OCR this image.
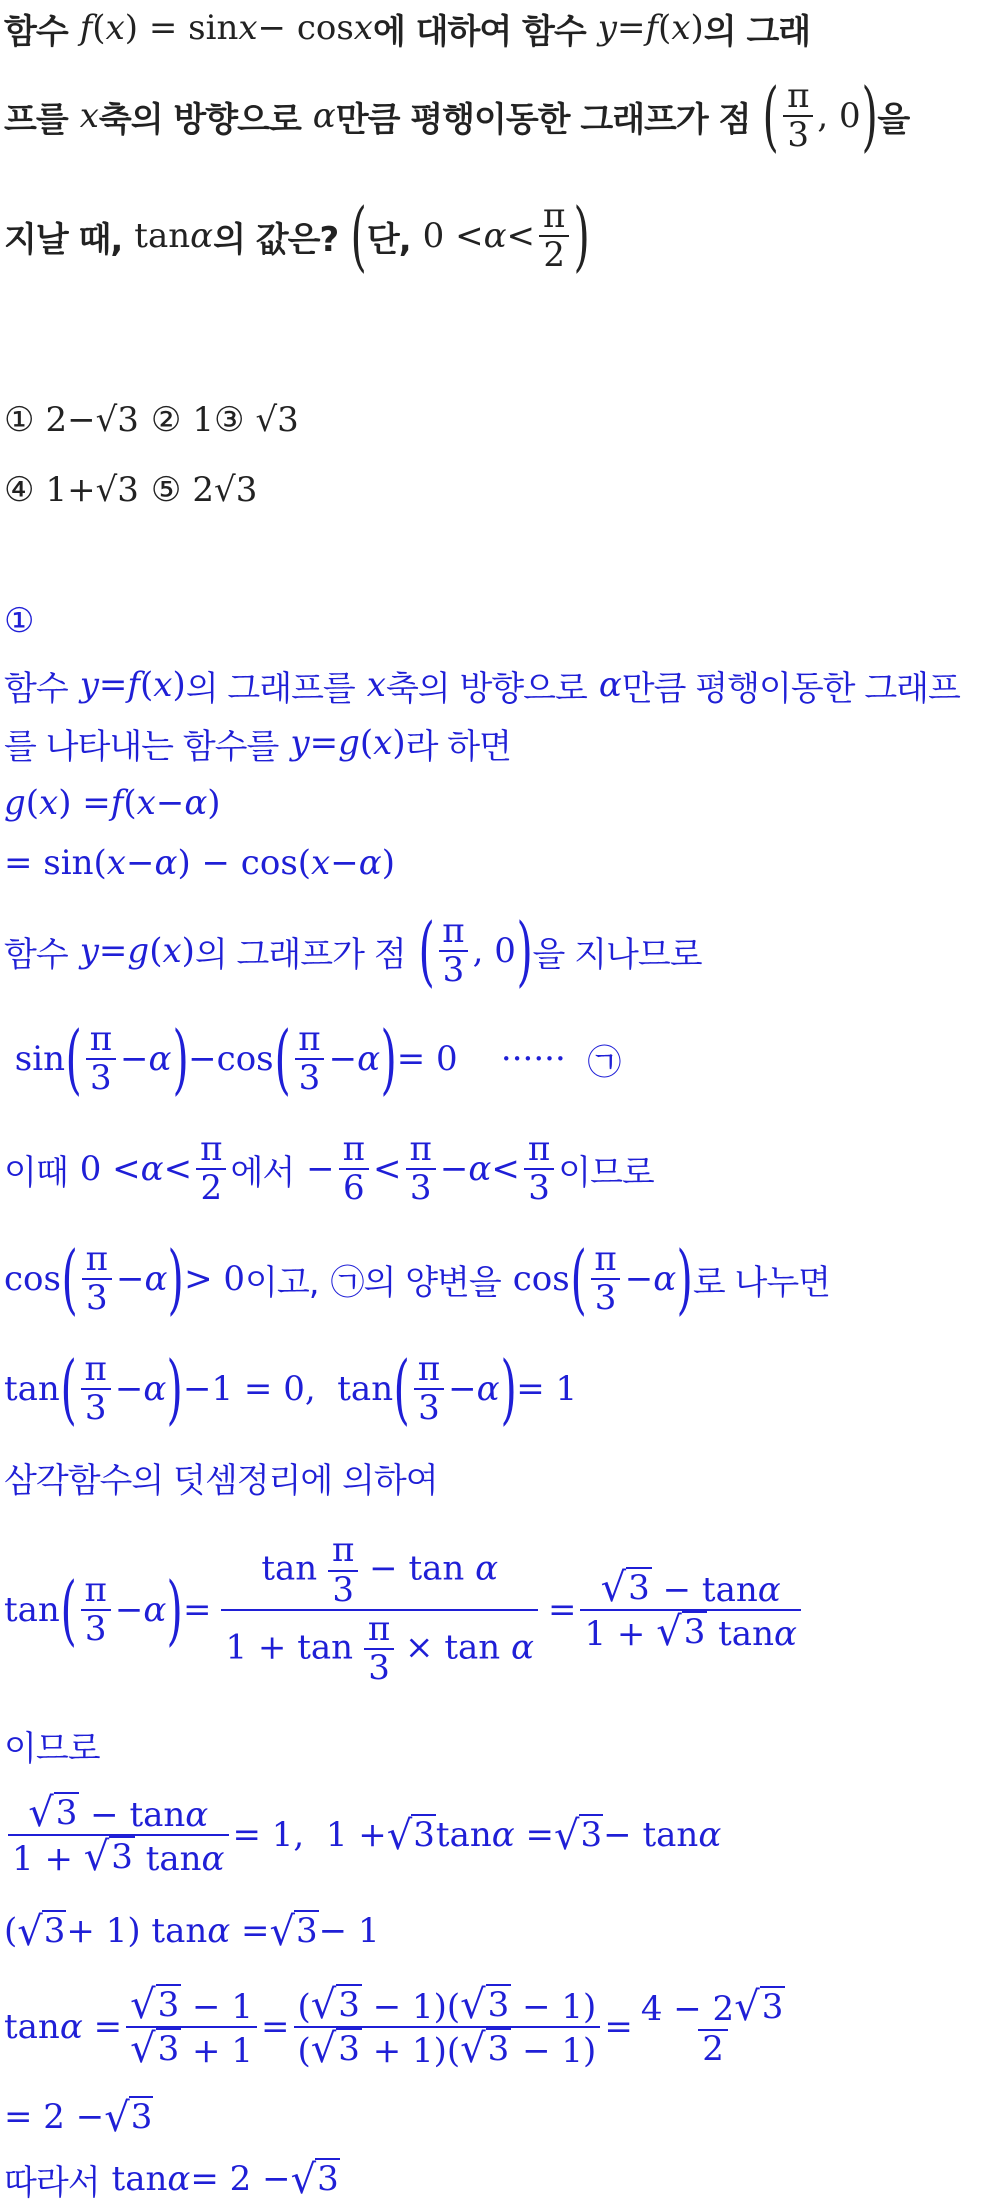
함수 f ( x ) = sin x − cos x 에 대하여 함수 y = f ( x ) 의 그래
프를 x 축의 방향으로 α 만큼 평행이동한 그래프가 점 ( $\frac{\pi}{3}$ , 0 ) 을
지날 때, tan α 의 값은? ( 단, $0 < \alpha < \frac{\pi}{2}$ )
① 2−√3 ② 1 ③ √3
④ 1+√3 ⑤ 2√3
①
함수 y = f ( x ) 의 그래프를 x 축의 방향으로 α 만큼 평행이동한 그래프
를 나타내는 함수를 y = g ( x ) 라 하면
g ( x ) = f ( x − α )
= sin( x − α ) − cos( x − α )
함수 y = g ( x ) 의 그래프가 점 ( $\frac{\pi}{3}$ , 0 ) 을 지나므로
sin ( $\frac{\pi}{3} - \alpha$ ) −cos ( $\frac{\pi}{3} - \alpha$ ) = 0    ······ ㉠
이때 $0 < \alpha < \frac{\pi}{2}$ 에서 − $\frac{\pi}{6} < \frac{\pi}{3} - \alpha < \frac{\pi}{3}$ 이므로
cos ( $\frac{\pi}{3} - \alpha$ ) > 0 이고, ㉠ 의 양변을 cos ( $\frac{\pi}{3} - \alpha$ ) 로 나누면
tan ( $\frac{\pi}{3} - \alpha$ ) −1 = 0,  tan ( $\frac{\pi}{3} - \alpha$ ) = 1
삼각함수의 덧셈정리에 의하여
tan ( $\frac{\pi}{3} - \alpha$ ) = $\frac{\tan \frac{\pi}{3} - \tan \alpha}{1 + \tan \frac{\pi}{3} \times \tan \alpha} = \frac{√ 3 - \tan\alpha}{1 + √ 3 \tan\alpha}$
이므로
$\frac{√ 3 - \tan\alpha}{1 + √ 3 \tan\alpha} = 1$,  1 + √ 3 tan α = √ 3 − tan α
( √ 3 + 1) tan α = √ 3 − 1
$\tan \alpha = \frac{√ 3 - 1}{√ 3 + 1} = \frac{( √ 3 - 1)( √ 3 - 1)}{( √ 3 + 1)( √ 3 - 1)} = \frac{4 - 2 √ 3}{2}$
= 2 − √ 3
따라서 tan α = 2 − √ 3
